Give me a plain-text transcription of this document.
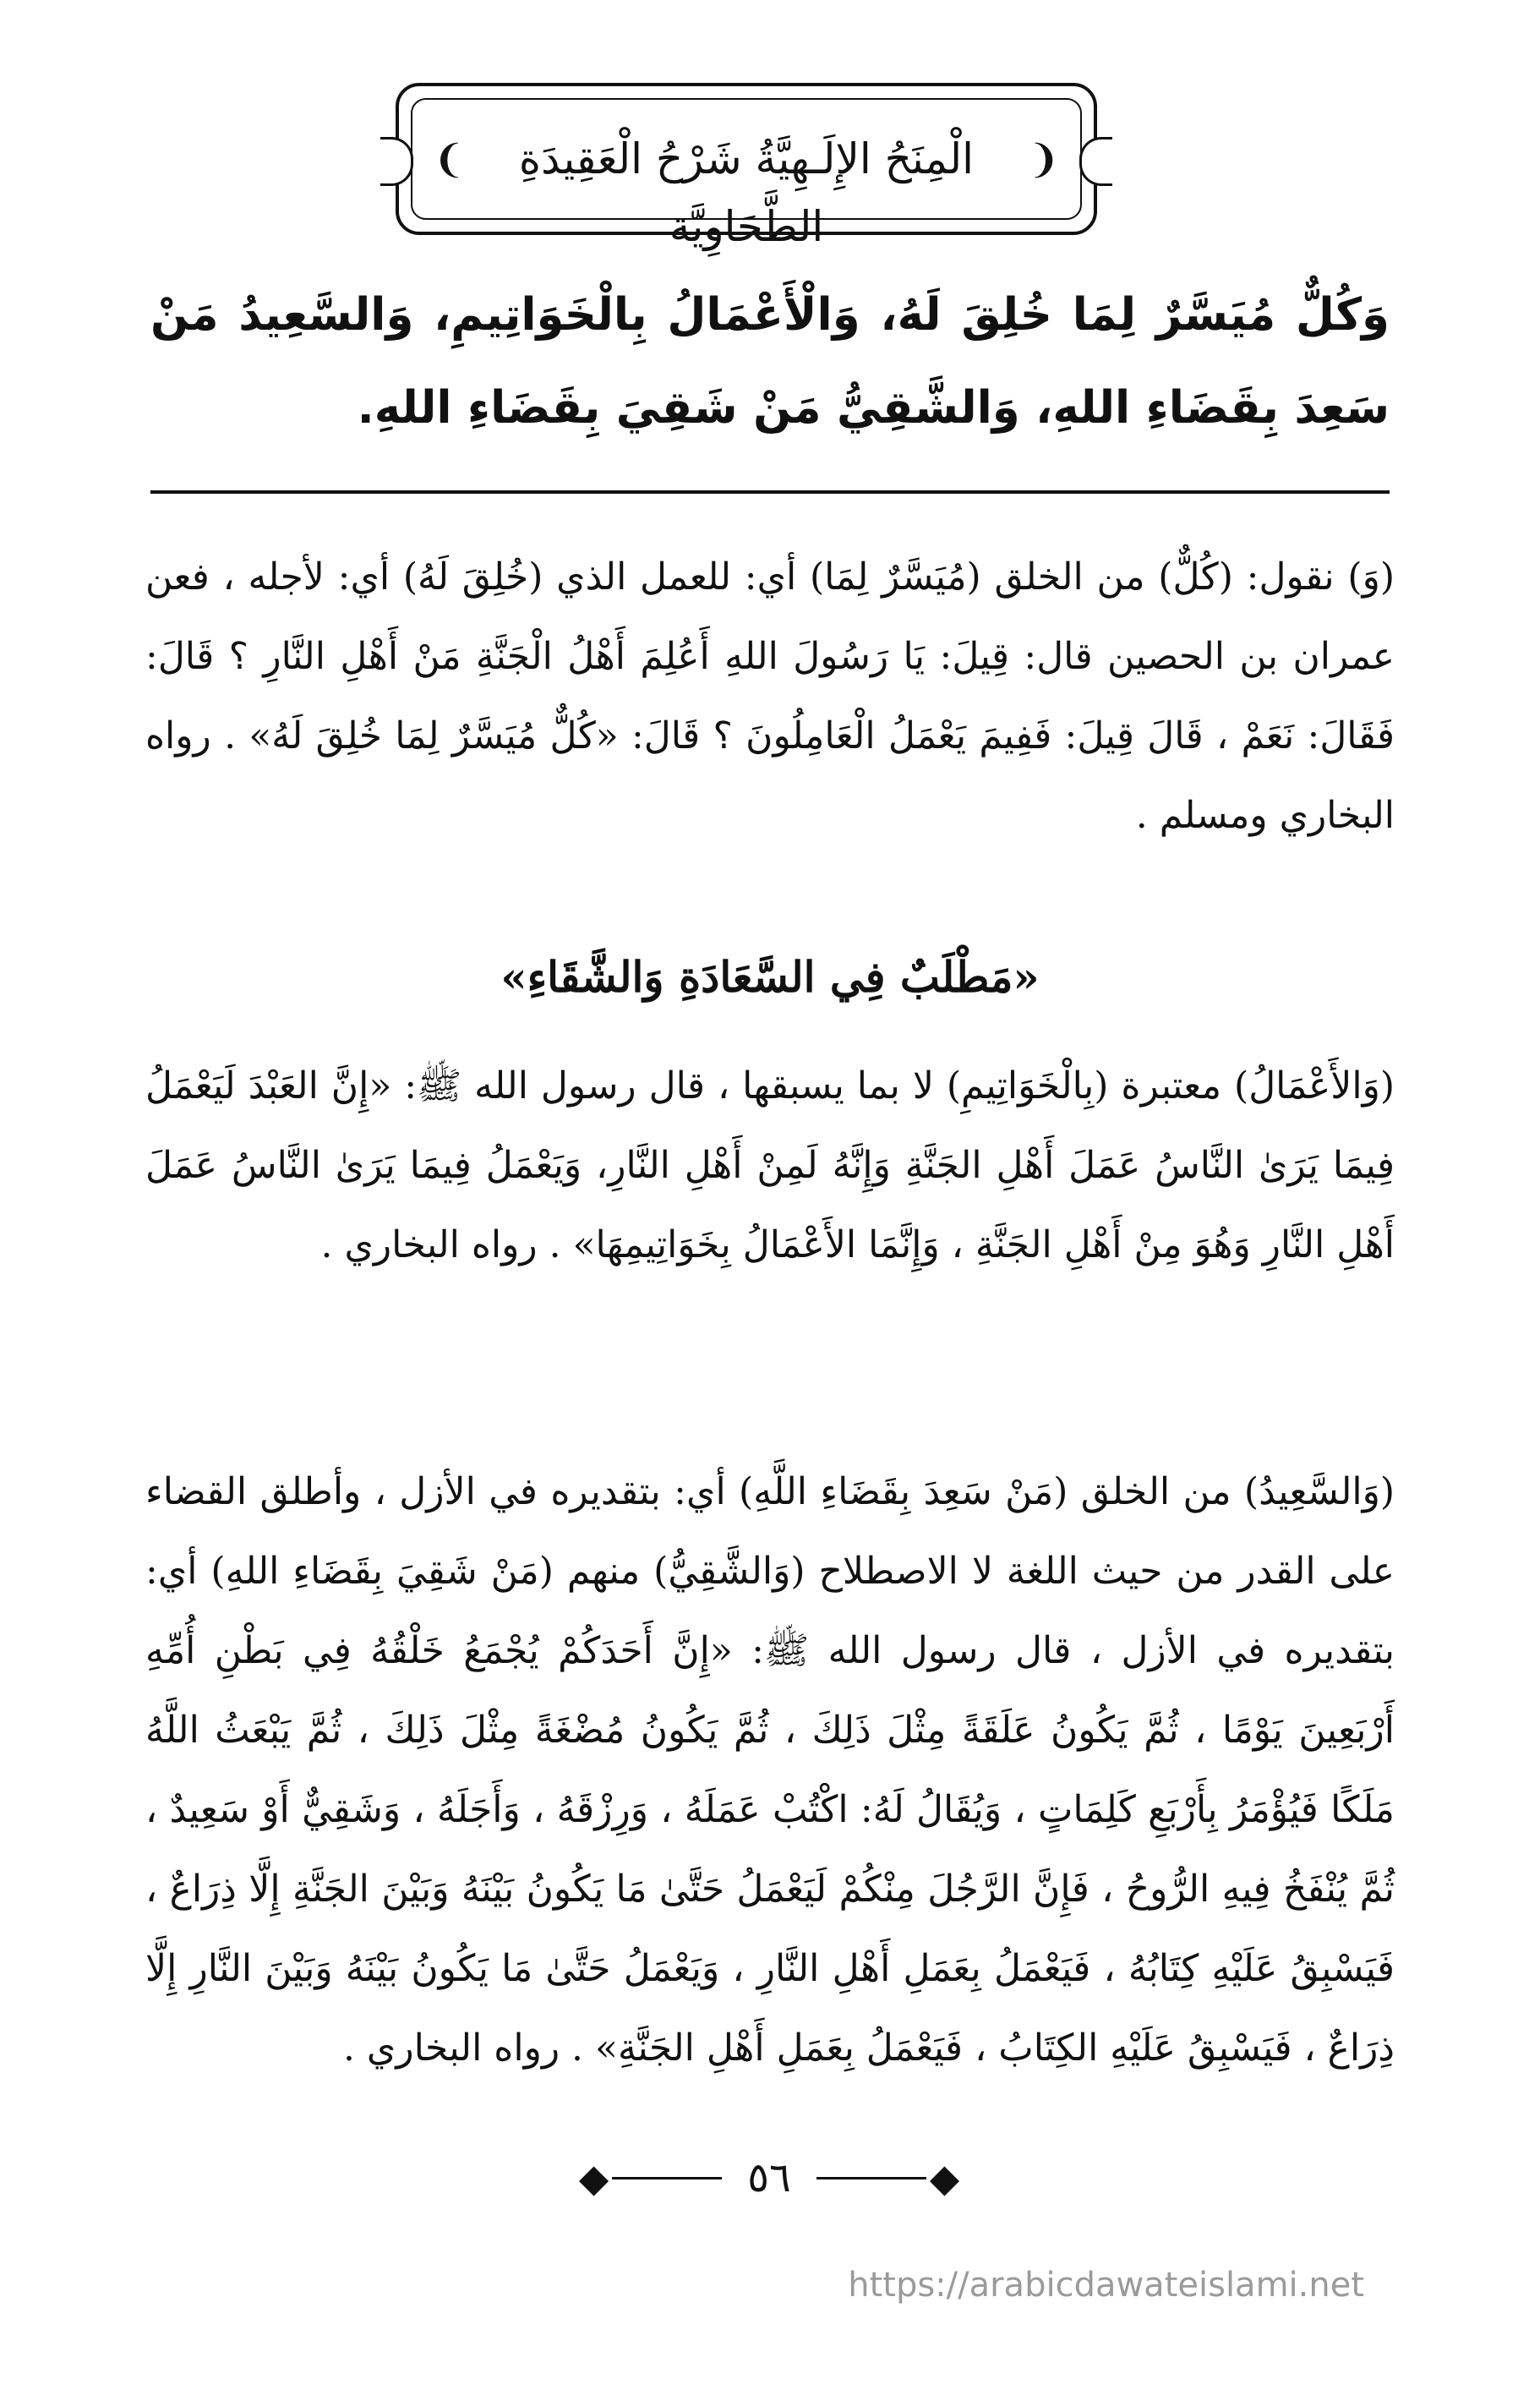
❨	❩
الْمِنَحُ الإِلَـهِيَّةُ شَرْحُ الْعَقِيدَةِ الطَّحَاوِيَّة
وَكُلٌّ مُيَسَّرٌ لِمَا خُلِقَ لَهُ، وَالْأَعْمَالُ بِالْخَوَاتِيمِ، وَالسَّعِيدُ مَنْ سَعِدَ بِقَضَاءِ اللهِ، وَالشَّقِيُّ مَنْ شَقِيَ بِقَضَاءِ اللهِ.

(وَ) نقول: (كُلٌّ) من الخلق (مُيَسَّرٌ لِمَا) أي: للعمل الذي (خُلِقَ لَهُ) أي: لأجله ، فعن عمران بن الحصين قال: قِيلَ: يَا رَسُولَ اللهِ أَعُلِمَ أَهْلُ الْجَنَّةِ مَنْ أَهْلِ النَّارِ ؟ قَالَ: فَقَالَ: نَعَمْ ، قَالَ قِيلَ: فَفِيمَ يَعْمَلُ الْعَامِلُونَ ؟ قَالَ: «كُلٌّ مُيَسَّرٌ لِمَا خُلِقَ لَهُ» . رواه البخاري ومسلم .

«مَطْلَبٌ فِي السَّعَادَةِ وَالشَّقَاءِ»

(وَالأَعْمَالُ) معتبرة (بِالْخَوَاتِيمِ) لا بما يسبقها ، قال رسول الله ﷺ: «إِنَّ العَبْدَ لَيَعْمَلُ فِيمَا يَرَىٰ النَّاسُ عَمَلَ أَهْلِ الجَنَّةِ وَإِنَّهُ لَمِنْ أَهْلِ النَّارِ، وَيَعْمَلُ فِيمَا يَرَىٰ النَّاسُ عَمَلَ أَهْلِ النَّارِ وَهُوَ مِنْ أَهْلِ الجَنَّةِ ، وَإِنَّمَا الأَعْمَالُ بِخَوَاتِيمِهَا» . رواه البخاري .

(وَالسَّعِيدُ) من الخلق (مَنْ سَعِدَ بِقَضَاءِ اللَّهِ) أي: بتقديره في الأزل ، وأطلق القضاء على القدر من حيث اللغة لا الاصطلاح (وَالشَّقِيُّ) منهم (مَنْ شَقِيَ بِقَضَاءِ اللهِ) أي: بتقديره في الأزل ، قال رسول الله ﷺ: «إِنَّ أَحَدَكُمْ يُجْمَعُ خَلْقُهُ فِي بَطْنِ أُمِّهِ أَرْبَعِينَ يَوْمًا ، ثُمَّ يَكُونُ عَلَقَةً مِثْلَ ذَلِكَ ، ثُمَّ يَكُونُ مُضْغَةً مِثْلَ ذَلِكَ ، ثُمَّ يَبْعَثُ اللَّهُ مَلَكًا فَيُؤْمَرُ بِأَرْبَعِ كَلِمَاتٍ ، وَيُقَالُ لَهُ: اكْتُبْ عَمَلَهُ ، وَرِزْقَهُ ، وَأَجَلَهُ ، وَشَقِيٌّ أَوْ سَعِيدٌ ، ثُمَّ يُنْفَخُ فِيهِ الرُّوحُ ، فَإِنَّ الرَّجُلَ مِنْكُمْ لَيَعْمَلُ حَتَّىٰ مَا يَكُونُ بَيْنَهُ وَبَيْنَ الجَنَّةِ إِلَّا ذِرَاعٌ ، فَيَسْبِقُ عَلَيْهِ كِتَابُهُ ، فَيَعْمَلُ بِعَمَلِ أَهْلِ النَّارِ ، وَيَعْمَلُ حَتَّىٰ مَا يَكُونُ بَيْنَهُ وَبَيْنَ النَّارِ إِلَّا ذِرَاعٌ ، فَيَسْبِقُ عَلَيْهِ الكِتَابُ ، فَيَعْمَلُ بِعَمَلِ أَهْلِ الجَنَّةِ» . رواه البخاري .

◆	٥٦	◆
https://arabicdawateislami.net
